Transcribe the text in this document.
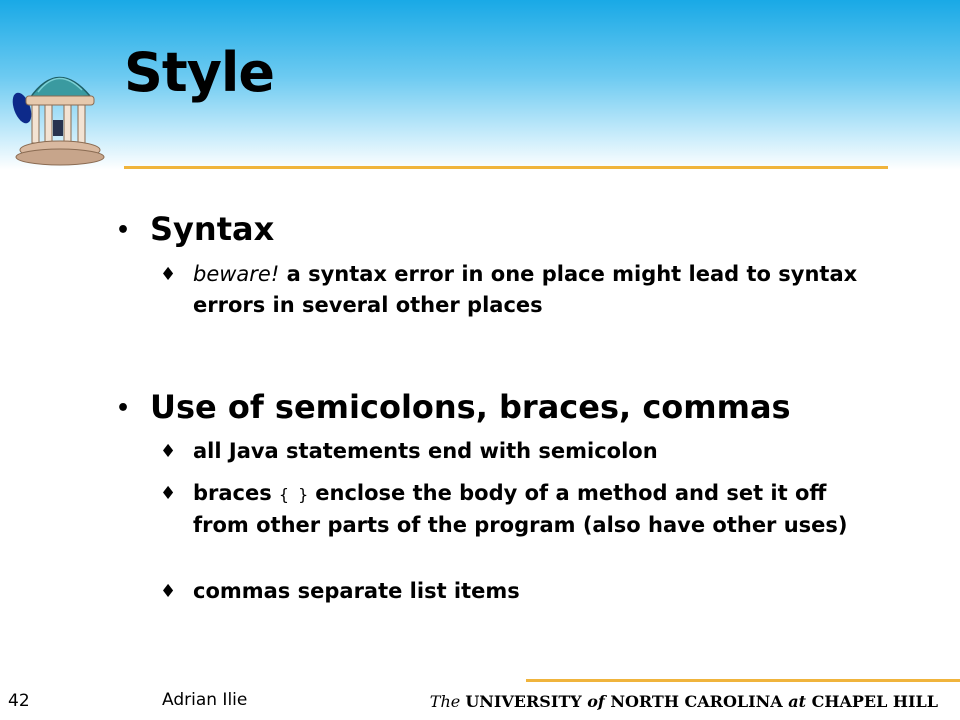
Style
• Syntax
♦ beware! a syntax error in one place might lead to syntax errors in several other places
• Use of semicolons, braces, commas
♦ all Java statements end with semicolon
♦ braces { } enclose the body of a method and set it off from other parts of the program (also have other uses)
♦ commas separate list items
42	Adrian Ilie	The UNIVERSITY of NORTH CAROLINA at CHAPEL HILL
